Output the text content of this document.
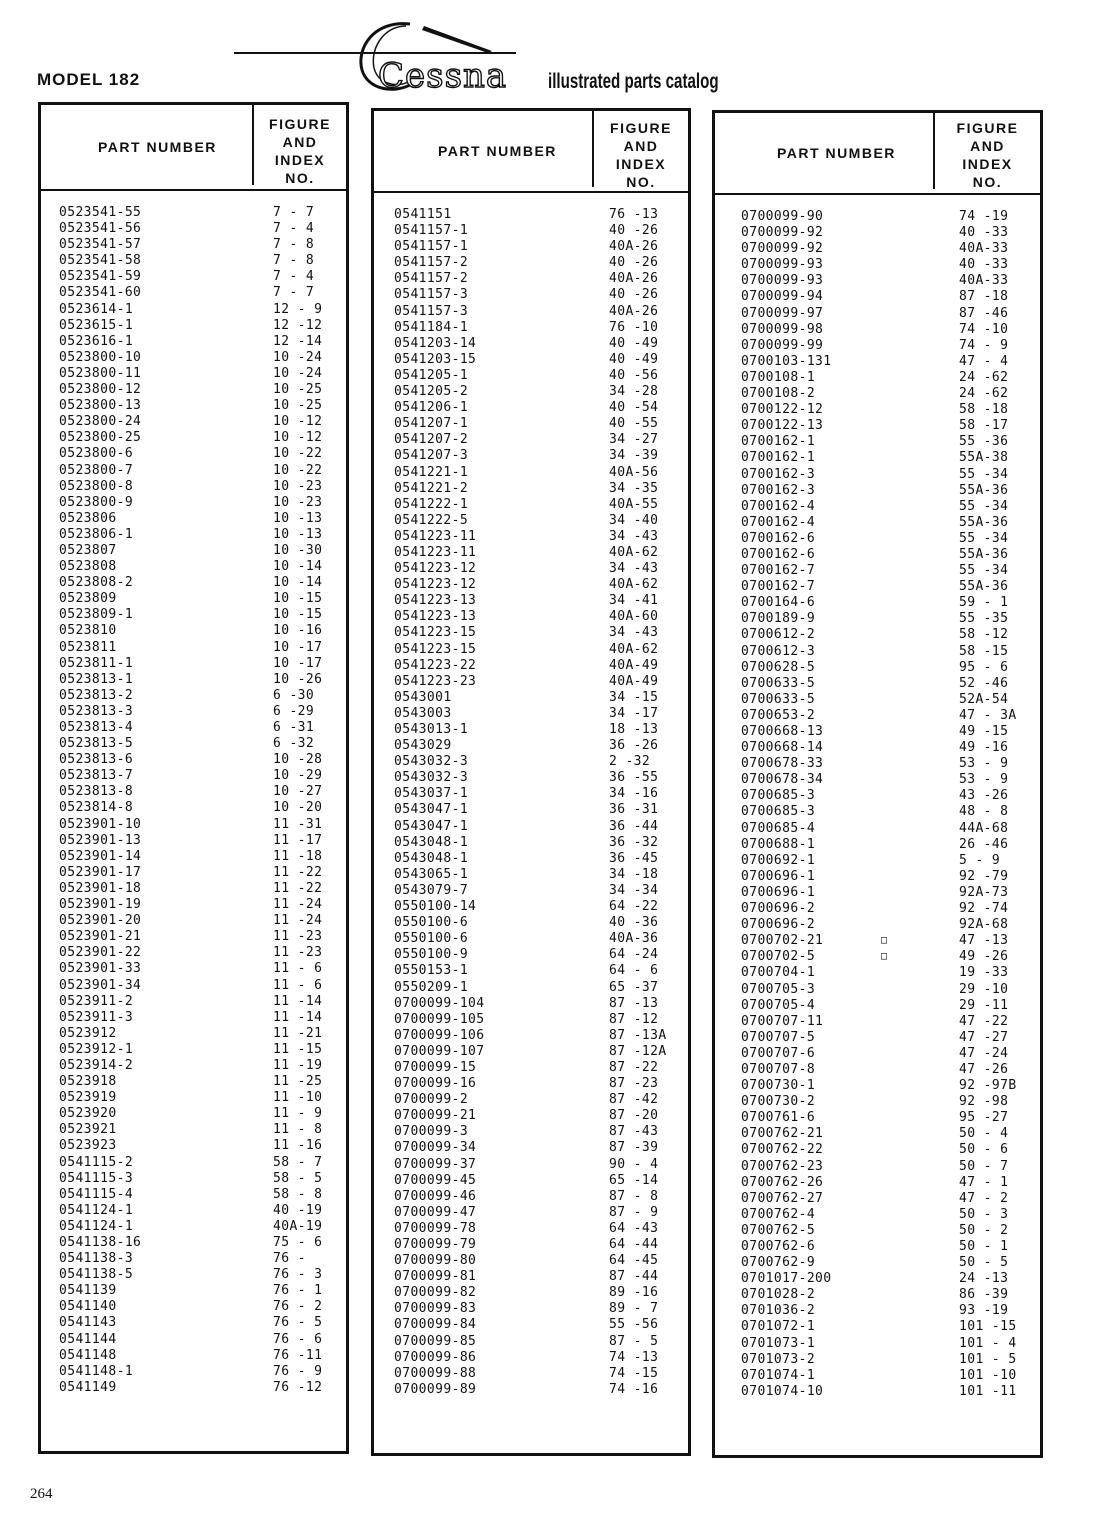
MODEL 182	Cessna illustrated parts catalog
PART NUMBER
FIGURE
AND
INDEX
NO.
0523541-55	7 - 7
0523541-56	7 - 4
0523541-57	7 - 8
0523541-58	7 - 8
0523541-59	7 - 4
0523541-60	7 - 7
0523614-1	12 - 9
0523615-1	12 -12
0523616-1	12 -14
0523800-10	10 -24
0523800-11	10 -24
0523800-12	10 -25
0523800-13	10 -25
0523800-24	10 -12
0523800-25	10 -12
0523800-6	10 -22
0523800-7	10 -22
0523800-8	10 -23
0523800-9	10 -23
0523806	10 -13
0523806-1	10 -13
0523807	10 -30
0523808	10 -14
0523808-2	10 -14
0523809	10 -15
0523809-1	10 -15
0523810	10 -16
0523811	10 -17
0523811-1	10 -17
0523813-1	10 -26
0523813-2	6 -30
0523813-3	6 -29
0523813-4	6 -31
0523813-5	6 -32
0523813-6	10 -28
0523813-7	10 -29
0523813-8	10 -27
0523814-8	10 -20
0523901-10	11 -31
0523901-13	11 -17
0523901-14	11 -18
0523901-17	11 -22
0523901-18	11 -22
0523901-19	11 -24
0523901-20	11 -24
0523901-21	11 -23
0523901-22	11 -23
0523901-33	11 - 6
0523901-34	11 - 6
0523911-2	11 -14
0523911-3	11 -14
0523912	11 -21
0523912-1	11 -15
0523914-2	11 -19
0523918	11 -25
0523919	11 -10
0523920	11 - 9
0523921	11 - 8
0523923	11 -16
0541115-2	58 - 7
0541115-3	58 - 5
0541115-4	58 - 8
0541124-1	40 -19
0541124-1	40A-19
0541138-16	75 - 6
0541138-3	76 -
0541138-5	76 - 3
0541139	76 - 1
0541140	76 - 2
0541143	76 - 5
0541144	76 - 6
0541148	76 -11
0541148-1	76 - 9
0541149	76 -12
PART NUMBER
FIGURE
AND
INDEX
NO.
0541151	76 -13
0541157-1	40 -26
0541157-1	40A-26
0541157-2	40 -26
0541157-2	40A-26
0541157-3	40 -26
0541157-3	40A-26
0541184-1	76 -10
0541203-14	40 -49
0541203-15	40 -49
0541205-1	40 -56
0541205-2	34 -28
0541206-1	40 -54
0541207-1	40 -55
0541207-2	34 -27
0541207-3	34 -39
0541221-1	40A-56
0541221-2	34 -35
0541222-1	40A-55
0541222-5	34 -40
0541223-11	34 -43
0541223-11	40A-62
0541223-12	34 -43
0541223-12	40A-62
0541223-13	34 -41
0541223-13	40A-60
0541223-15	34 -43
0541223-15	40A-62
0541223-22	40A-49
0541223-23	40A-49
0543001	34 -15
0543003	34 -17
0543013-1	18 -13
0543029	36 -26
0543032-3	2 -32
0543032-3	36 -55
0543037-1	34 -16
0543047-1	36 -31
0543047-1	36 -44
0543048-1	36 -32
0543048-1	36 -45
0543065-1	34 -18
0543079-7	34 -34
0550100-14	64 -22
0550100-6	40 -36
0550100-6	40A-36
0550100-9	64 -24
0550153-1	64 - 6
0550209-1	65 -37
0700099-104	87 -13
0700099-105	87 -12
0700099-106	87 -13A
0700099-107	87 -12A
0700099-15	87 -22
0700099-16	87 -23
0700099-2	87 -42
0700099-21	87 -20
0700099-3	87 -43
0700099-34	87 -39
0700099-37	90 - 4
0700099-45	65 -14
0700099-46	87 - 8
0700099-47	87 - 9
0700099-78	64 -43
0700099-79	64 -44
0700099-80	64 -45
0700099-81	87 -44
0700099-82	89 -16
0700099-83	89 - 7
0700099-84	55 -56
0700099-85	87 - 5
0700099-86	74 -13
0700099-88	74 -15
0700099-89	74 -16
PART NUMBER
FIGURE
AND
INDEX
NO.
0700099-90	74 -19
0700099-92	40 -33
0700099-92	40A-33
0700099-93	40 -33
0700099-93	40A-33
0700099-94	87 -18
0700099-97	87 -46
0700099-98	74 -10
0700099-99	74 - 9
0700103-131	47 - 4
0700108-1	24 -62
0700108-2	24 -62
0700122-12	58 -18
0700122-13	58 -17
0700162-1	55 -36
0700162-1	55A-38
0700162-3	55 -34
0700162-3	55A-36
0700162-4	55 -34
0700162-4	55A-36
0700162-6	55 -34
0700162-6	55A-36
0700162-7	55 -34
0700162-7	55A-36
0700164-6	59 - 1
0700189-9	55 -35
0700612-2	58 -12
0700612-3	58 -15
0700628-5	95 - 6
0700633-5	52 -46
0700633-5	52A-54
0700653-2	47 - 3A
0700668-13	49 -15
0700668-14	49 -16
0700678-33	53 - 9
0700678-34	53 - 9
0700685-3	43 -26
0700685-3	48 - 8
0700685-4	44A-68
0700688-1	26 -46
0700692-1	5 - 9
0700696-1	92 -79
0700696-1	92A-73
0700696-2	92 -74
0700696-2	92A-68
0700702-21	□	47 -13
0700702-5	□	49 -26
0700704-1	19 -33
0700705-3	29 -10
0700705-4	29 -11
0700707-11	47 -22
0700707-5	47 -27
0700707-6	47 -24
0700707-8	47 -26
0700730-1	92 -97B
0700730-2	92 -98
0700761-6	95 -27
0700762-21	50 - 4
0700762-22	50 - 6
0700762-23	50 - 7
0700762-26	47 - 1
0700762-27	47 - 2
0700762-4	50 - 3
0700762-5	50 - 2
0700762-6	50 - 1
0700762-9	50 - 5
0701017-200	24 -13
0701028-2	86 -39
0701036-2	93 -19
0701072-1	101 -15
0701073-1	101 - 4
0701073-2	101 - 5
0701074-1	101 -10
0701074-10	101 -11
264
